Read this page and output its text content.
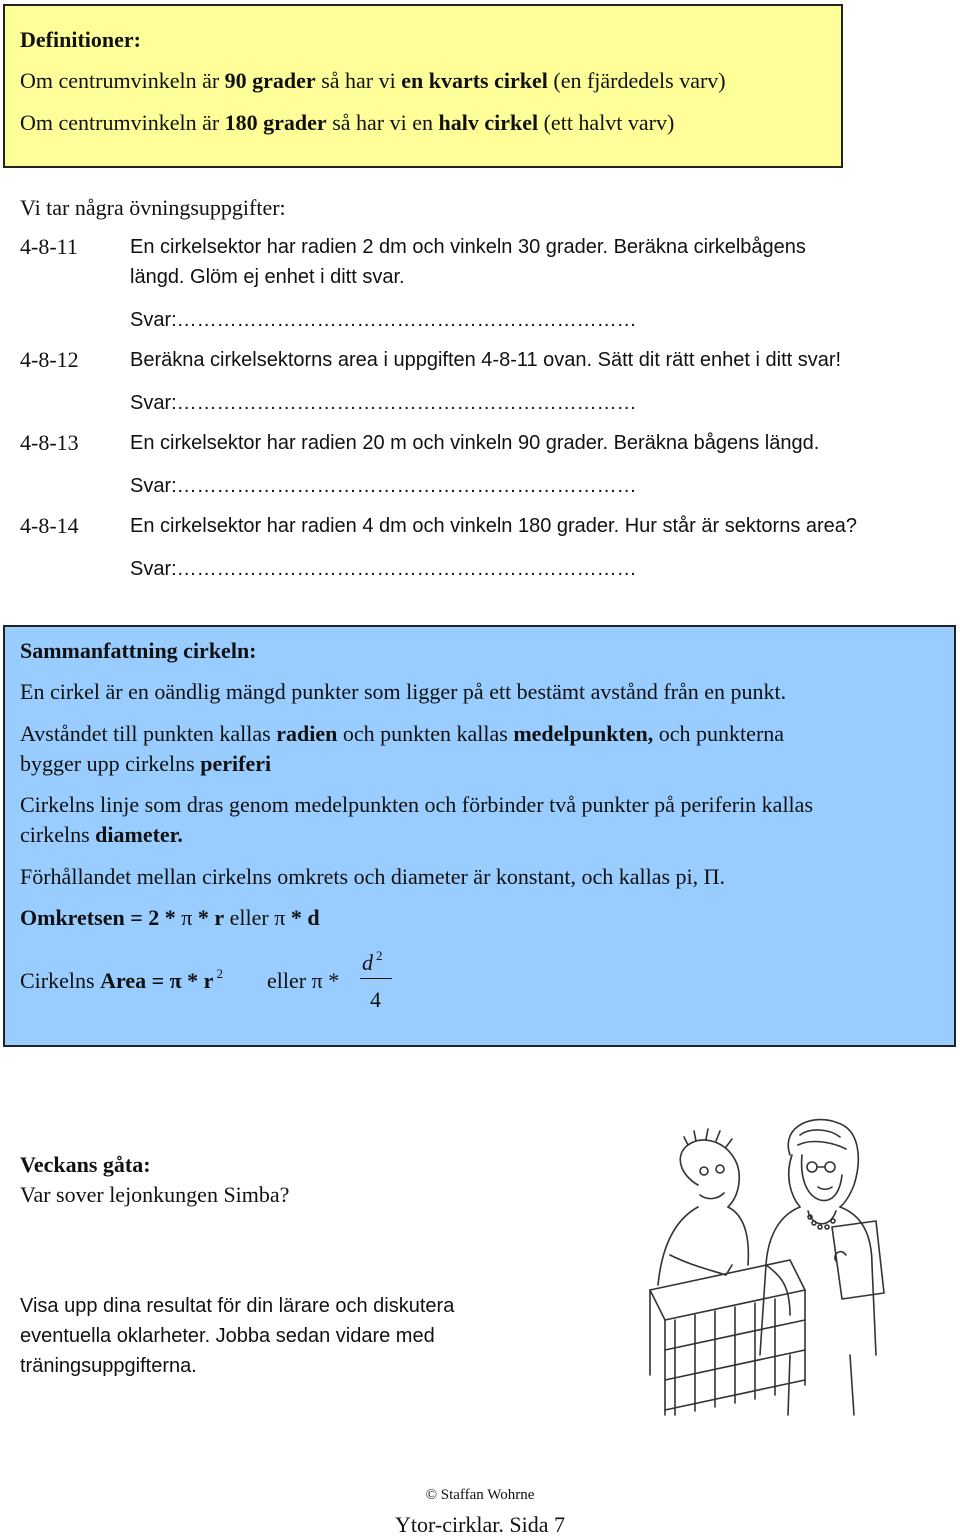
Definitioner:
Om centrumvinkeln är 90 grader så har vi en kvarts cirkel (en fjärdedels varv)
Om centrumvinkeln är 180 grader så har vi en halv cirkel (ett halvt varv)
Vi tar några övningsuppgifter:
4-8-11	En cirkelsektor har radien 2 dm och vinkeln 30 grader. Beräkna cirkelbågens
längd. Glöm ej enhet i ditt svar.
Svar:……………………………………………………………
4-8-12	Beräkna cirkelsektorns area i uppgiften 4-8-11 ovan. Sätt dit rätt enhet i ditt svar!
Svar:……………………………………………………………
4-8-13	En cirkelsektor har radien 20 m och vinkeln 90 grader. Beräkna bågens längd.
Svar:……………………………………………………………
4-8-14	En cirkelsektor har radien 4 dm och vinkeln 180 grader. Hur står är sektorns area?
Svar:……………………………………………………………
Sammanfattning cirkeln:
En cirkel är en oändlig mängd punkter som ligger på ett bestämt avstånd från en punkt.
Avståndet till punkten kallas radien och punkten kallas medelpunkten, och punkterna
bygger upp cirkelns periferi
Cirkelns linje som dras genom medelpunkten och förbinder två punkter på periferin kallas
cirkelns diameter.
Förhållandet mellan cirkelns omkrets och diameter är konstant, och kallas pi, Π.
Omkretsen = 2 * π * r eller π * d
Cirkelns Area = π * r $^2$ eller π *
d $^2$
4
Veckans gåta:
Var sover lejonkungen Simba?
Visa upp dina resultat för din lärare och diskutera
eventuella oklarheter. Jobba sedan vidare med
träningsuppgifterna.
© Staffan Wohrne
Ytor-cirklar. Sida 7
